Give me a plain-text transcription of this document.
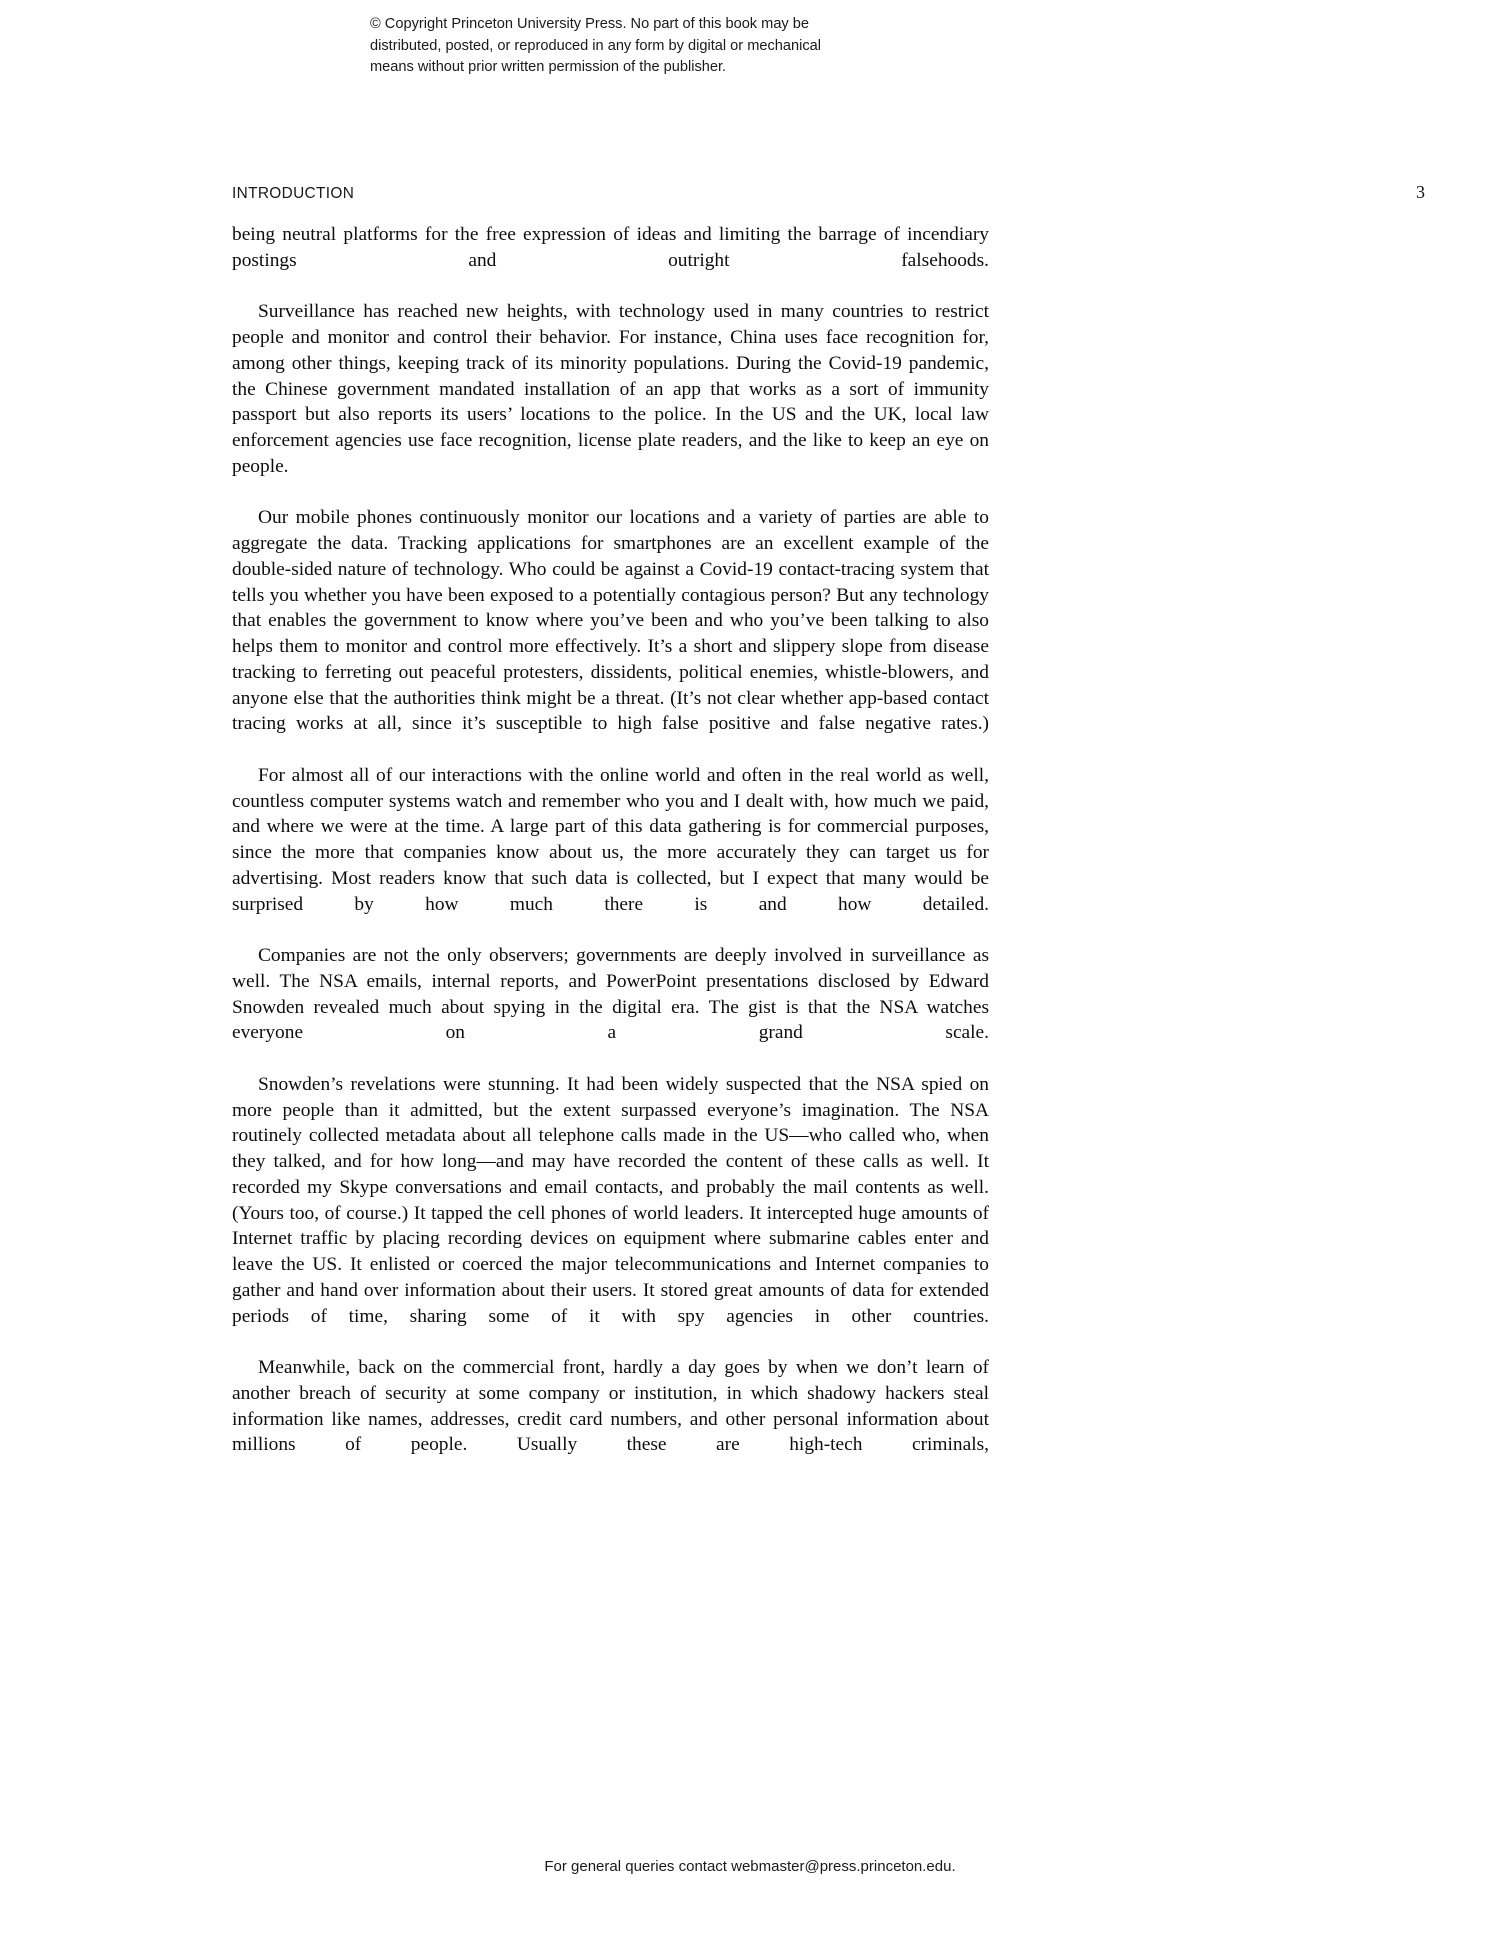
© Copyright Princeton University Press. No part of this book may be
distributed, posted, or reproduced in any form by digital or mechanical
means without prior written permission of the publisher.
INTRODUCTION	3

being neutral platforms for the free expression of ideas and limiting the barrage of incendiary postings and outright falsehoods.

Surveillance has reached new heights, with technology used in many countries to restrict people and monitor and control their behavior. For instance, China uses face recognition for, among other things, keeping track of its minority populations. During the Covid-19 pandemic, the Chinese government mandated installation of an app that works as a sort of immunity passport but also reports its users’ locations to the police. In the US and the UK, local law enforcement agencies use face recognition, license plate readers, and the like to keep an eye on people.

Our mobile phones continuously monitor our locations and a variety of parties are able to aggregate the data. Tracking applications for smartphones are an excellent example of the double-sided nature of technology. Who could be against a Covid-19 contact-tracing system that tells you whether you have been exposed to a potentially contagious person? But any technology that enables the government to know where you’ve been and who you’ve been talking to also helps them to monitor and control more effectively. It’s a short and slippery slope from disease tracking to ferreting out peaceful protesters, dissidents, political enemies, whistle-blowers, and anyone else that the authorities think might be a threat. (It’s not clear whether app-based contact tracing works at all, since it’s susceptible to high false positive and false negative rates.)

For almost all of our interactions with the online world and often in the real world as well, countless computer systems watch and remember who you and I dealt with, how much we paid, and where we were at the time. A large part of this data gathering is for commercial purposes, since the more that companies know about us, the more accurately they can target us for advertising. Most readers know that such data is collected, but I expect that many would be surprised by how much there is and how detailed.

Companies are not the only observers; governments are deeply involved in surveillance as well. The NSA emails, internal reports, and PowerPoint presentations disclosed by Edward Snowden revealed much about spying in the digital era. The gist is that the NSA watches everyone on a grand scale.

Snowden’s revelations were stunning. It had been widely suspected that the NSA spied on more people than it admitted, but the extent surpassed everyone’s imagination. The NSA routinely collected metadata about all telephone calls made in the US—who called who, when they talked, and for how long—and may have recorded the content of these calls as well. It recorded my Skype conversations and email contacts, and probably the mail contents as well. (Yours too, of course.) It tapped the cell phones of world leaders. It intercepted huge amounts of Internet traffic by placing recording devices on equipment where submarine cables enter and leave the US. It enlisted or coerced the major telecommunications and Internet companies to gather and hand over information about their users. It stored great amounts of data for extended periods of time, sharing some of it with spy agencies in other countries.

Meanwhile, back on the commercial front, hardly a day goes by when we don’t learn of another breach of security at some company or institution, in which shadowy hackers steal information like names, addresses, credit card numbers, and other personal information about millions of people. Usually these are high-tech criminals,

For general queries contact webmaster@press.princeton.edu.
